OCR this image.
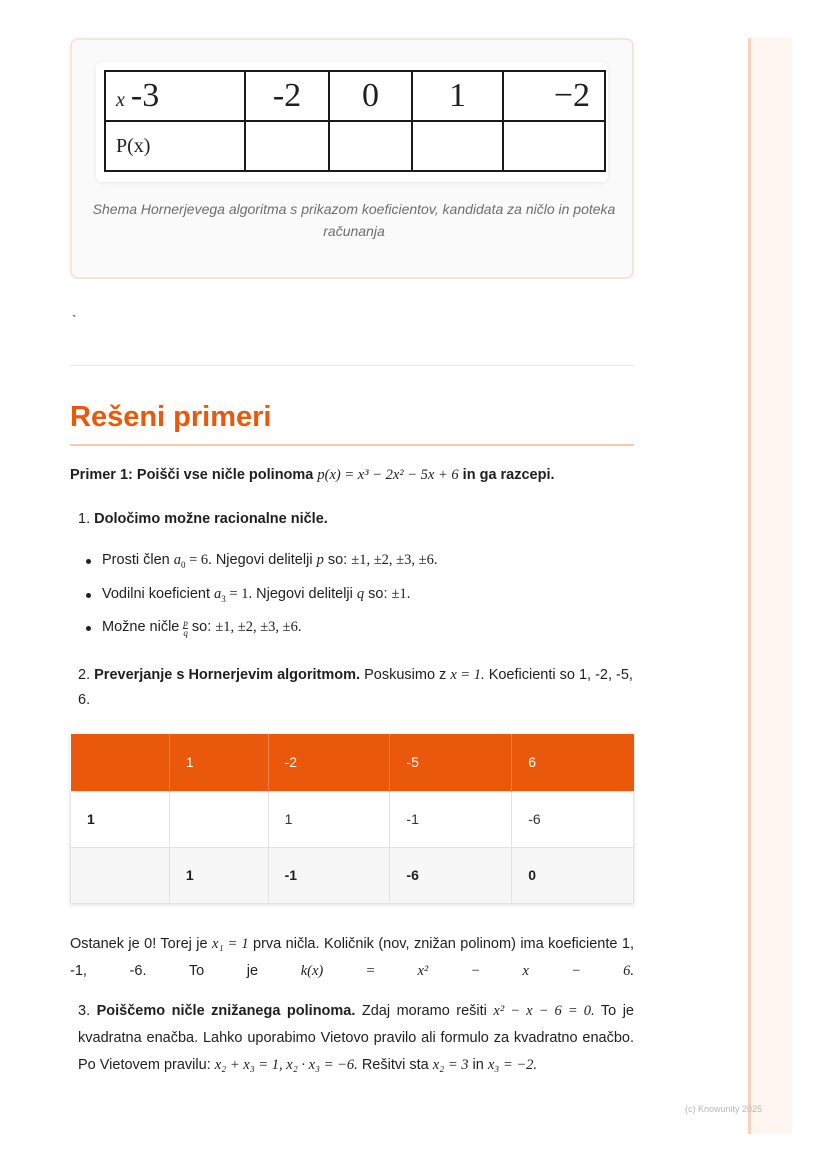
(c) Knowunity 2025
x -3	-2	0	1	−2
P(x)				
Shema Hornerjevega algoritma s prikazom koeficientov, kandidata za ničlo in poteka računanja
`
Rešeni primeri
Primer 1: Poišči vse ničle polinoma p(x) = x³ − 2x² − 5x + 6 in ga razcepi.
1. Določimo možne racionalne ničle.
Prosti člen $a_0 = 6$. Njegovi delitelji p so: ±1, ±2, ±3, ±6.
Vodilni koeficient $a_3 = 1$. Njegovi delitelji q so: ±1.
Možne ničle $\frac{p}{q}$ so: ±1, ±2, ±3, ±6.
2. Preverjanje s Hornerjevim algoritmom. Poskusimo z x = 1. Koeficienti so 1, -2, -5, 6.
	1	-2	-5	6
1		1	-1	-6
	1	-1	-6	0
Ostanek je 0! Torej je x₁ = 1 prva ničla. Količnik (nov, znižan polinom) ima koeficiente 1, -1, -6. To je k(x) = x² − x − 6.
3. Poiščemo ničle znižanega polinoma. Zdaj moramo rešiti x² − x − 6 = 0. To je kvadratna enačba. Lahko uporabimo Vietovo pravilo ali formulo za kvadratno enačbo. Po Vietovem pravilu: x₂ + x₃ = 1, x₂ · x₃ = −6. Rešitvi sta x₂ = 3 in x₃ = −2.
